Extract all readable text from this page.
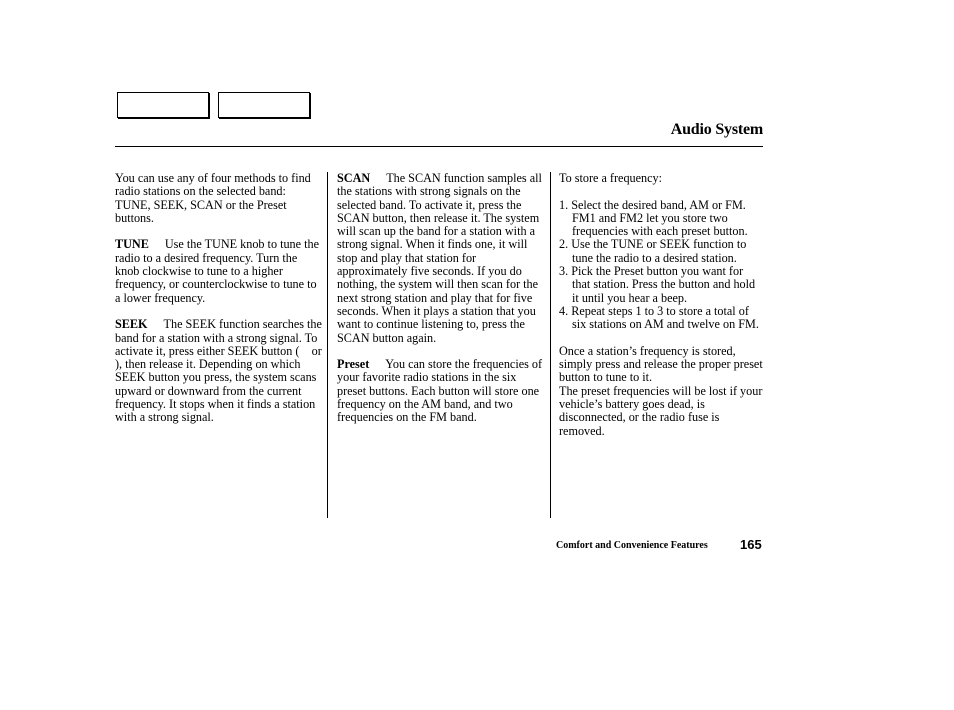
Audio System

You can use any of four methods to find radio stations on the selected band: TUNE, SEEK, SCAN or the Preset buttons.

TUNE Use the TUNE knob to tune the radio to a desired frequency. Turn the knob clockwise to tune to a higher frequency, or counterclockwise to tune to a lower frequency.

SEEK The SEEK function searches the band for a station with a strong signal. To activate it, press either SEEK button (    or    ), then release it. Depending on which SEEK button you press, the system scans upward or downward from the current frequency. It stops when it finds a station with a strong signal.

SCAN The SCAN function samples all the stations with strong signals on the selected band. To activate it, press the SCAN button, then release it. The system will scan up the band for a station with a strong signal. When it finds one, it will stop and play that station for approximately five seconds. If you do nothing, the system will then scan for the next strong station and play that for five seconds. When it plays a station that you want to continue listening to, press the SCAN button again.

Preset You can store the frequencies of your favorite radio stations in the six preset buttons. Each button will store one frequency on the AM band, and two frequencies on the FM band.

To store a frequency:

1. Select the desired band, AM or FM. FM1 and FM2 let you store two frequencies with each preset button.
2. Use the TUNE or SEEK function to tune the radio to a desired station.
3. Pick the Preset button you want for that station. Press the button and hold it until you hear a beep.
4. Repeat steps 1 to 3 to store a total of six stations on AM and twelve on FM.

Once a station’s frequency is stored, simply press and release the proper preset button to tune to it.

The preset frequencies will be lost if your vehicle’s battery goes dead, is disconnected, or the radio fuse is removed.

Comfort and Convenience Features 165
